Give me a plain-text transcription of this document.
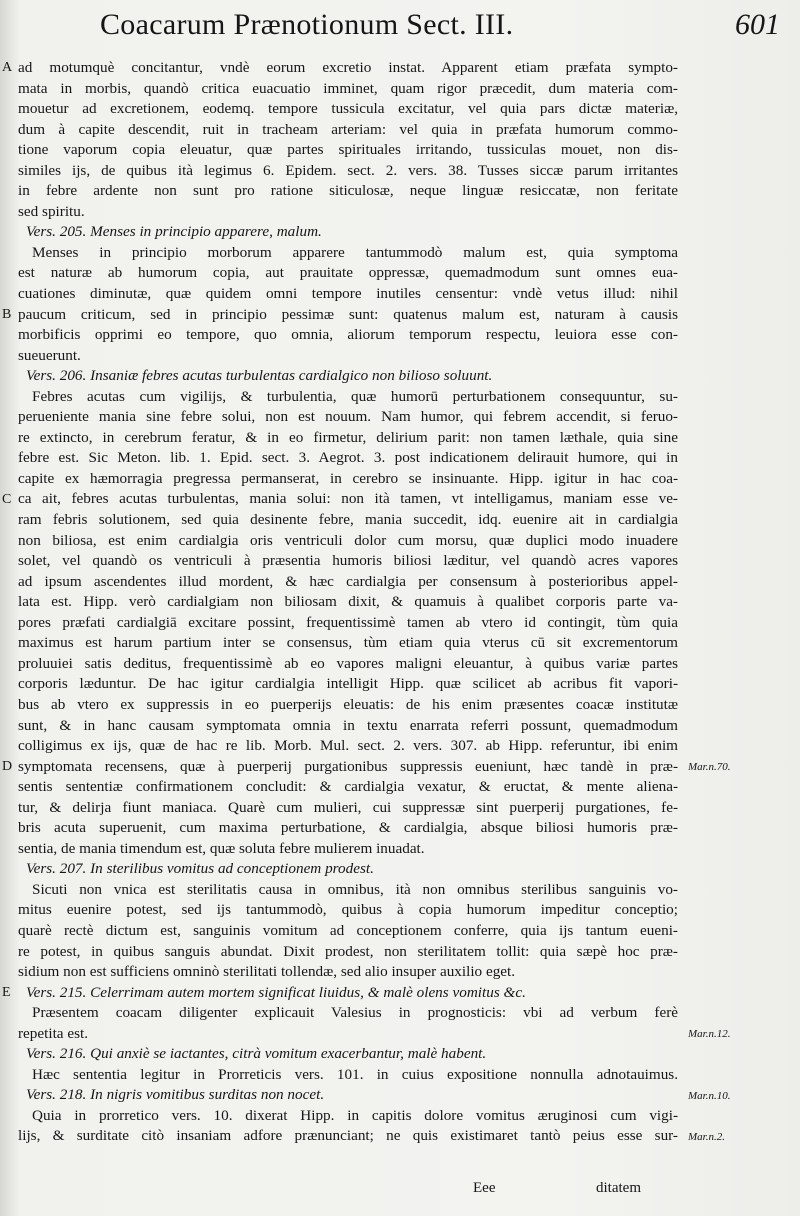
Coacarum Prænotionum Sect. III.	601
ad motumquè concitantur, vndè eorum excretio instat. Apparent etiam præfata sympto-
mata in morbis, quandò critica euacuatio imminet, quam rigor præcedit, dum materia com-
mouetur ad excretionem, eodemq. tempore tussicula excitatur, vel quia pars dictæ materiæ,
dum à capite descendit, ruit in tracheam arteriam: vel quia in præfata humorum commo-
tione vaporum copia eleuatur, quæ partes spirituales irritando, tussiculas mouet, non dis-
similes ijs, de quibus ità legimus 6. Epidem. sect. 2. vers. 38. Tusses siccæ parum irritantes
in febre ardente non sunt pro ratione siticulosæ, neque linguæ resiccatæ, non feritate
sed spiritu.
Vers. 205. Menses in principio apparere, malum.
Menses in principio morborum apparere tantummodò malum est, quia symptoma
est naturæ ab humorum copia, aut prauitate oppressæ, quemadmodum sunt omnes eua-
cuationes diminutæ, quæ quidem omni tempore inutiles censentur: vndè vetus illud: nihil
paucum criticum, sed in principio pessimæ sunt: quatenus malum est, naturam à causis
morbificis opprimi eo tempore, quo omnia, aliorum temporum respectu, leuiora esse con-
sueuerunt.
Vers. 206. Insaniæ febres acutas turbulentas cardialgico non bilioso soluunt.
Febres acutas cum vigilijs, & turbulentia, quæ humorū perturbationem consequuntur, su-
perueniente mania sine febre solui, non est nouum. Nam humor, qui febrem accendit, si feruo-
re extincto, in cerebrum feratur, & in eo firmetur, delirium parit: non tamen læthale, quia sine
febre est. Sic Meton. lib. 1. Epid. sect. 3. Aegrot. 3. post indicationem delirauit humore, qui in
capite ex hæmorragia pregressa permanserat, in cerebro se insinuante. Hipp. igitur in hac coa-
ca ait, febres acutas turbulentas, mania solui: non ità tamen, vt intelligamus, maniam esse ve-
ram febris solutionem, sed quia desinente febre, mania succedit, idq. euenire ait in cardialgia
non biliosa, est enim cardialgia oris ventriculi dolor cum morsu, quæ duplici modo inuadere
solet, vel quandò os ventriculi à præsentia humoris biliosi læditur, vel quandò acres vapores
ad ipsum ascendentes illud mordent, & hæc cardialgia per consensum à posterioribus appel-
lata est. Hipp. verò cardialgiam non biliosam dixit, & quamuis à qualibet corporis parte va-
pores præfati cardialgiā excitare possint, frequentissimè tamen ab vtero id contingit, tùm quia
maximus est harum partium inter se consensus, tùm etiam quia vterus cū sit excrementorum
proluuiei satis deditus, frequentissimè ab eo vapores maligni eleuantur, à quibus variæ partes
corporis læduntur. De hac igitur cardialgia intelligit Hipp. quæ scilicet ab acribus fit vapori-
bus ab vtero ex suppressis in eo puerperijs eleuatis: de his enim præsentes coacæ institutæ
sunt, & in hanc causam symptomata omnia in textu enarrata referri possunt, quemadmodum
colligimus ex ijs, quæ de hac re lib. Morb. Mul. sect. 2. vers. 307. ab Hipp. referuntur, ibi enim
symptomata recensens, quæ à puerperij purgationibus suppressis eueniunt, hæc tandè in præ-
sentis sententiæ confirmationem concludit: & cardialgia vexatur, & eructat, & mente aliena-
tur, & delirja fiunt maniaca. Quarè cum mulieri, cui suppressæ sint puerperij purgationes, fe-
bris acuta superuenit, cum maxima perturbatione, & cardialgia, absque biliosi humoris præ-
sentia, de mania timendum est, quæ soluta febre mulierem inuadat.
Vers. 207. In sterilibus vomitus ad conceptionem prodest.
Sicuti non vnica est sterilitatis causa in omnibus, ità non omnibus sterilibus sanguinis vo-
mitus euenire potest, sed ijs tantummodò, quibus à copia humorum impeditur conceptio;
quarè rectè dictum est, sanguinis vomitum ad conceptionem conferre, quia ijs tantum eueni-
re potest, in quibus sanguis abundat. Dixit prodest, non sterilitatem tollit: quia sæpè hoc præ-
sidium non est sufficiens omninò sterilitati tollendæ, sed alio insuper auxilio eget.
Vers. 215. Celerrimam autem mortem significat liuidus, & malè olens vomitus &c.
Præsentem coacam diligenter explicauit Valesius in prognosticis: vbi ad verbum ferè
repetita est.
Vers. 216. Qui anxiè se iactantes, citrà vomitum exacerbantur, malè habent.
Hæc sententia legitur in Prorreticis vers. 101. in cuius expositione nonnulla adnotauimus.
Vers. 218. In nigris vomitibus surditas non nocet.
Quia in prorretico vers. 10. dixerat Hipp. in capitis dolore vomitus æruginosi cum vigi-
lijs, & surditate citò insaniam adfore prænunciant; ne quis existimaret tantò peius esse sur-
A
B
C
D
E
Mar.n.70.
Mar.n.12.
Mar.n.10.
Mar.n.2.
Eee	ditatem
